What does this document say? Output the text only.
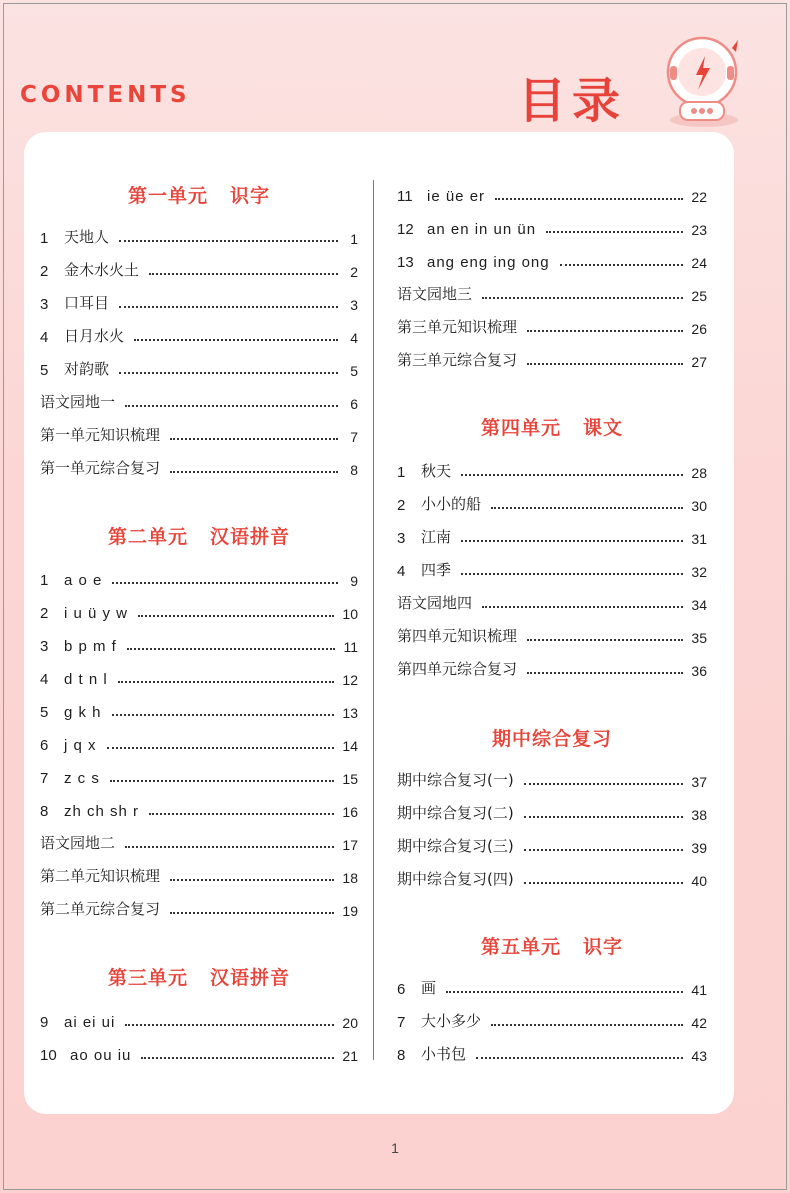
CONTENTS	目录
第一单元 识字
1	天地人	1
2	金木水火土	2
3	口耳目	3
4	日月水火	4
5	对韵歌	5
语文园地一	6
第一单元知识梳理	7
第一单元综合复习	8
第二单元 汉语拼音
1	a o e	9
2	i u ü y w	10
3	b p m f	11
4	d t n l	12
5	g k h	13
6	j q x	14
7	z c s	15
8	zh ch sh r	16
语文园地二	17
第二单元知识梳理	18
第二单元综合复习	19
第三单元 汉语拼音
9	ai ei ui	20
10 ao ou iu	21
11 ie üe er	22
12 an en in un ün	23
13 ang eng ing ong	24
语文园地三	25
第三单元知识梳理	26
第三单元综合复习	27
第四单元 课文
1	秋天	28
2	小小的船	30
3	江南	31
4	四季	32
语文园地四	34
第四单元知识梳理	35
第四单元综合复习	36
期中综合复习
期中综合复习(一)	37
期中综合复习(二)	38
期中综合复习(三)	39
期中综合复习(四)	40
第五单元 识字
6	画	41
7	大小多少	42
8	小书包	43
1
